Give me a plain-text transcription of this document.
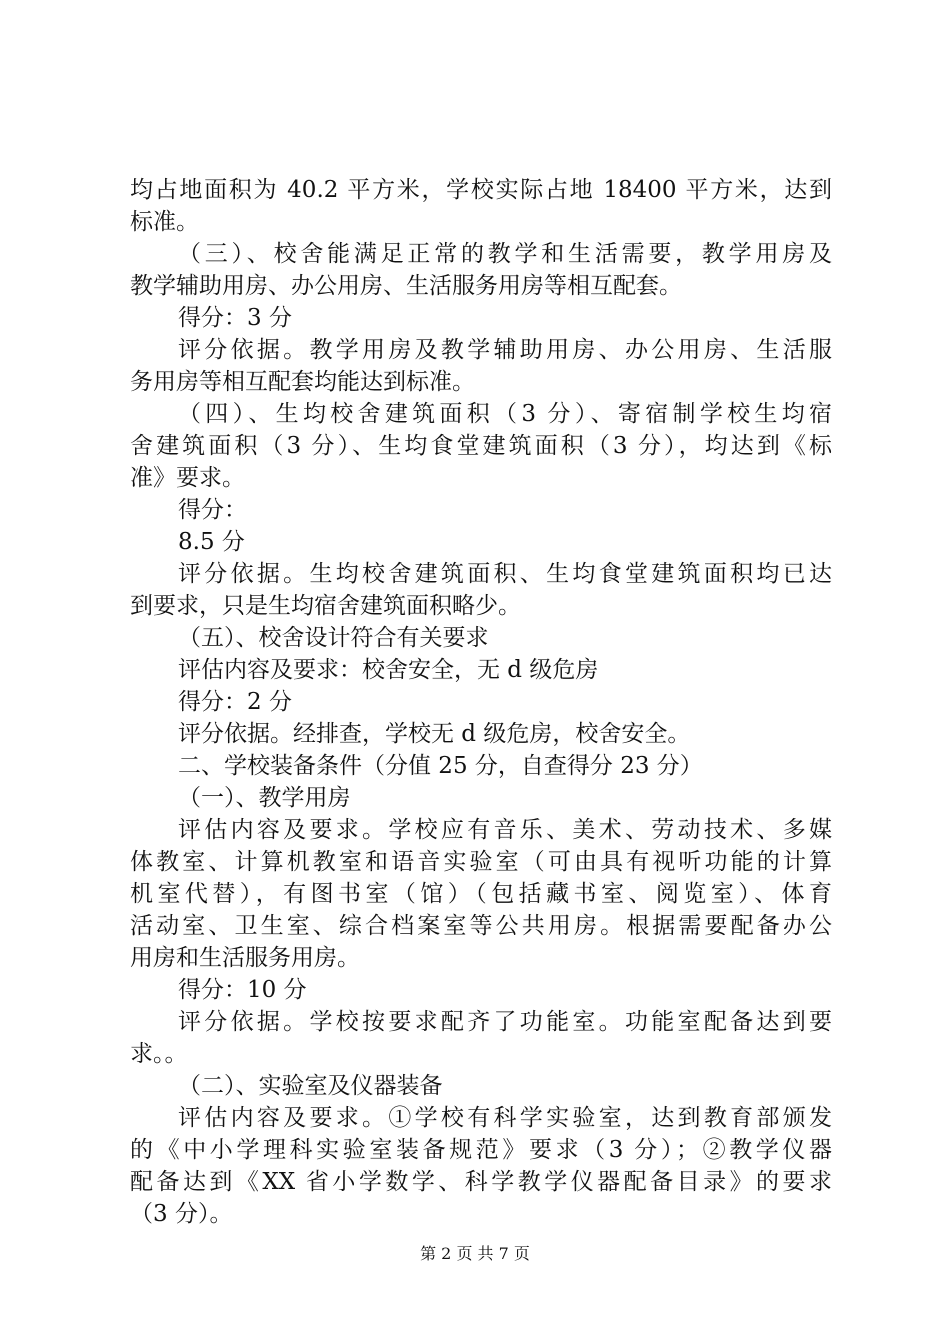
均占地面积为 40.2 平方米，学校实际占地 18400 平方米，达到
标准。
（三）、校舍能满足正常的教学和生活需要，教学用房及
教学辅助用房、办公用房、生活服务用房等相互配套。
得分：3 分
评分依据。教学用房及教学辅助用房、办公用房、生活服
务用房等相互配套均能达到标准。
（四）、生均校舍建筑面积（3 分）、寄宿制学校生均宿
舍建筑面积（3 分）、生均食堂建筑面积（3 分），均达到《标
准》要求。
得分：
8.5 分
评分依据。生均校舍建筑面积、生均食堂建筑面积均已达
到要求，只是生均宿舍建筑面积略少。
（五）、校舍设计符合有关要求
评估内容及要求：校舍安全，无 d 级危房
得分：2 分
评分依据。经排查，学校无 d 级危房，校舍安全。
二、学校装备条件（分值 25 分，自查得分 23 分）
（一）、教学用房
评估内容及要求。学校应有音乐、美术、劳动技术、多媒
体教室、计算机教室和语音实验室（可由具有视听功能的计算
机室代替），有图书室（馆）（包括藏书室、阅览室）、体育
活动室、卫生室、综合档案室等公共用房。根据需要配备办公
用房和生活服务用房。
得分：10 分
评分依据。学校按要求配齐了功能室。功能室配备达到要
求。。
（二）、实验室及仪器装备
评估内容及要求。①学校有科学实验室，达到教育部颁发
的《中小学理科实验室装备规范》要求（3 分）；②教学仪器
配备达到《XX 省小学数学、科学教学仪器配备目录》的要求
（3 分）。
第 2 页 共 7 页
